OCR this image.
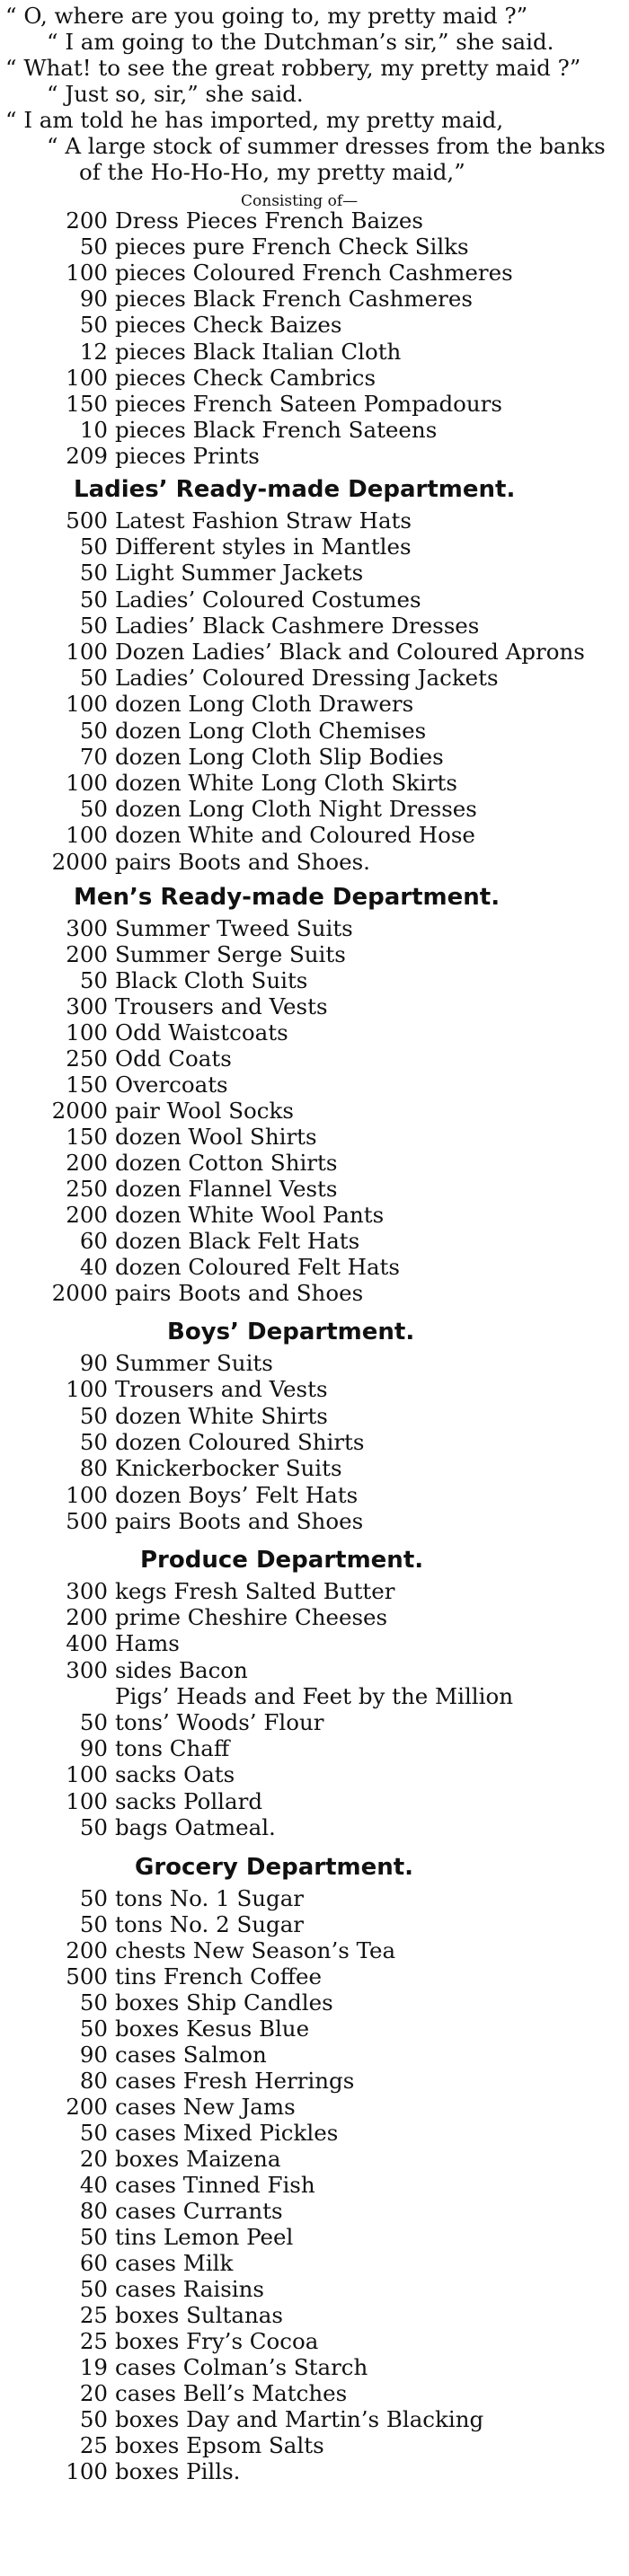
“ O, where are you going to, my pretty maid ?”
“ I am going to the Dutchman’s sir,” she said.
“ What! to see the great robbery, my pretty maid ?”
“ Just so, sir,” she said.
“ I am told he has imported, my pretty maid,
“ A large stock of summer dresses from the banks
of the Ho-Ho-Ho, my pretty maid,”
Consisting of—
200 Dress Pieces French Baizes
50 pieces pure French Check Silks
100 pieces Coloured French Cashmeres
90 pieces Black French Cashmeres
50 pieces Check Baizes
12 pieces Black Italian Cloth
100 pieces Check Cambrics
150 pieces French Sateen Pompadours
10 pieces Black French Sateens
209 pieces Prints
Ladies’ Ready-made Department.
500 Latest Fashion Straw Hats
50 Different styles in Mantles
50 Light Summer Jackets
50 Ladies’ Coloured Costumes
50 Ladies’ Black Cashmere Dresses
100 Dozen Ladies’ Black and Coloured Aprons
50 Ladies’ Coloured Dressing Jackets
100 dozen Long Cloth Drawers
50 dozen Long Cloth Chemises
70 dozen Long Cloth Slip Bodies
100 dozen White Long Cloth Skirts
50 dozen Long Cloth Night Dresses
100 dozen White and Coloured Hose
2000 pairs Boots and Shoes.
Men’s Ready-made Department.
300 Summer Tweed Suits
200 Summer Serge Suits
50 Black Cloth Suits
300 Trousers and Vests
100 Odd Waistcoats
250 Odd Coats
150 Overcoats
2000 pair Wool Socks
150 dozen Wool Shirts
200 dozen Cotton Shirts
250 dozen Flannel Vests
200 dozen White Wool Pants
60 dozen Black Felt Hats
40 dozen Coloured Felt Hats
2000 pairs Boots and Shoes
Boys’ Department.
90 Summer Suits
100 Trousers and Vests
50 dozen White Shirts
50 dozen Coloured Shirts
80 Knickerbocker Suits
100 dozen Boys’ Felt Hats
500 pairs Boots and Shoes
Produce Department.
300 kegs Fresh Salted Butter
200 prime Cheshire Cheeses
400 Hams
300 sides Bacon
Pigs’ Heads and Feet by the Million
50 tons’ Woods’ Flour
90 tons Chaff
100 sacks Oats
100 sacks Pollard
50 bags Oatmeal.
Grocery Department.
50 tons No. 1 Sugar
50 tons No. 2 Sugar
200 chests New Season’s Tea
500 tins French Coffee
50 boxes Ship Candles
50 boxes Kesus Blue
90 cases Salmon
80 cases Fresh Herrings
200 cases New Jams
50 cases Mixed Pickles
20 boxes Maizena
40 cases Tinned Fish
80 cases Currants
50 tins Lemon Peel
60 cases Milk
50 cases Raisins
25 boxes Sultanas
25 boxes Fry’s Cocoa
19 cases Colman’s Starch
20 cases Bell’s Matches
50 boxes Day and Martin’s Blacking
25 boxes Epsom Salts
100 boxes Pills.
